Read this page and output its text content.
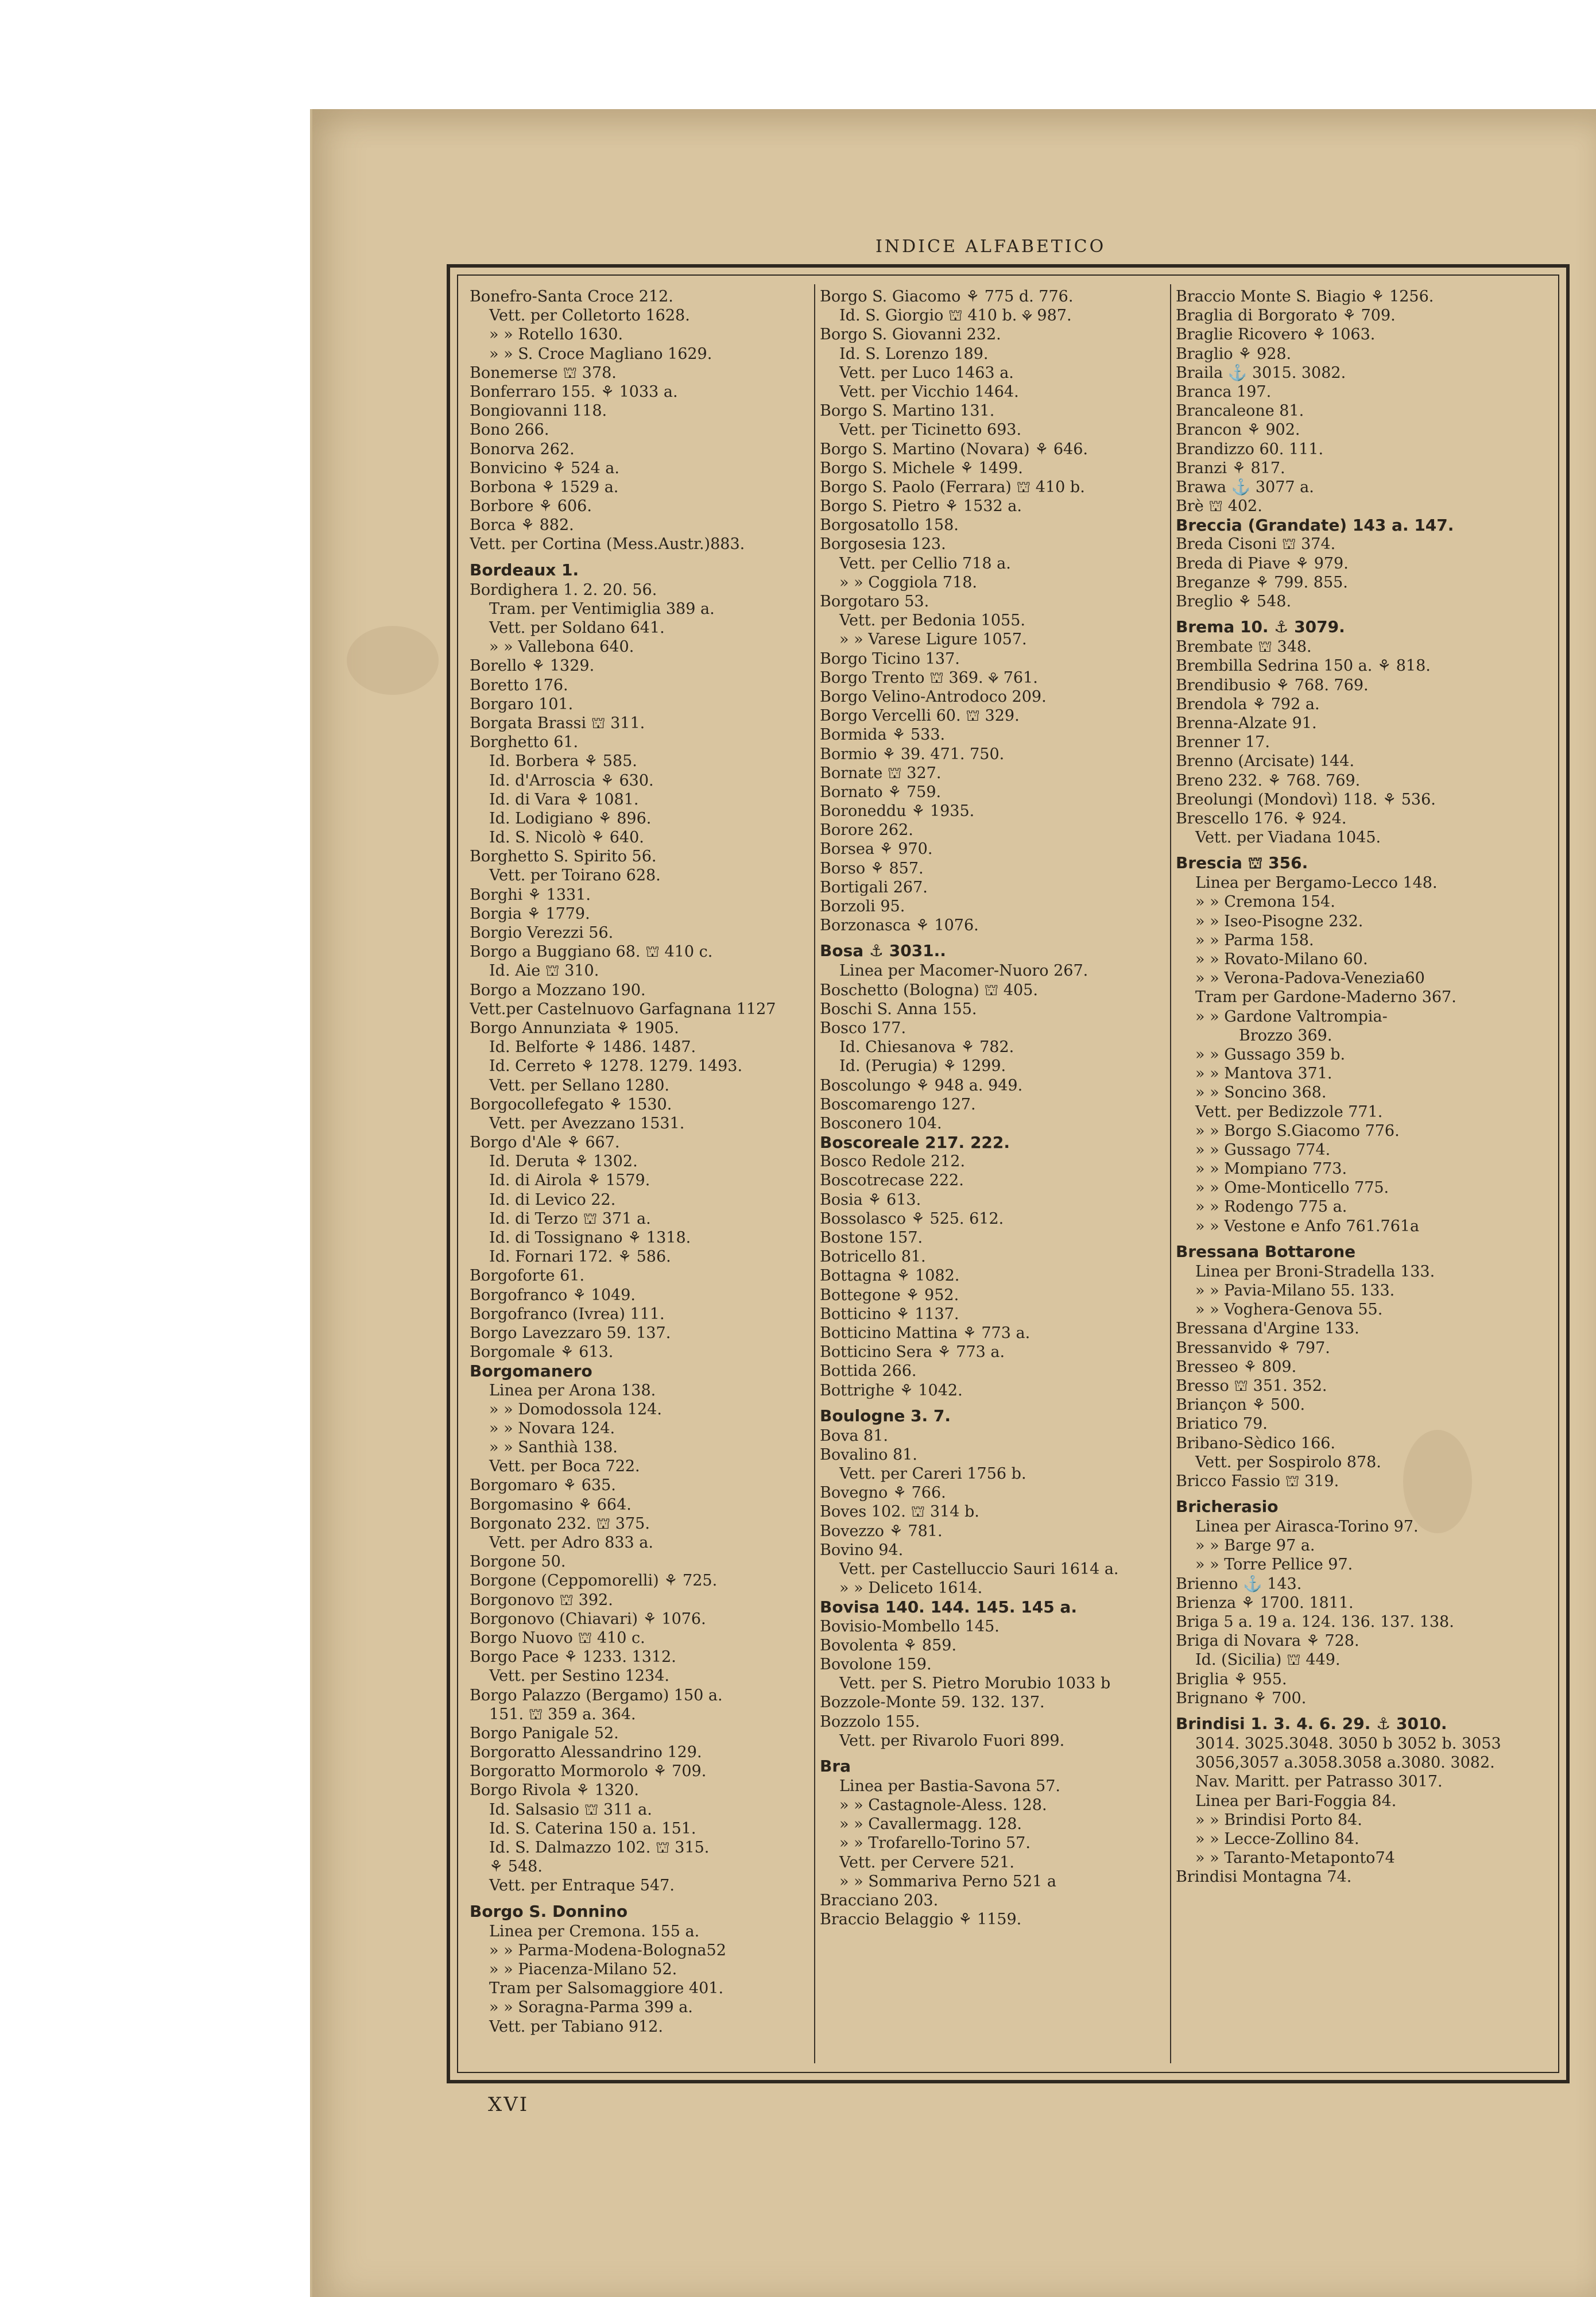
INDICE ALFABETICO
Bonefro-Santa Croce 212.
Vett. per Colletorto 1628.
» » Rotello 1630.
» » S. Croce Magliano 1629.
Bonemerse ⛫ 378.
Bonferraro 155. ⚘ 1033 a.
Bongiovanni 118.
Bono 266.
Bonorva 262.
Bonvicino ⚘ 524 a.
Borbona ⚘ 1529 a.
Borbore ⚘ 606.
Borca ⚘ 882.
Vett. per Cortina (Mess.Austr.)883.
Bordeaux 1.
Bordighera 1. 2. 20. 56.
Tram. per Ventimiglia 389 a.
Vett. per Soldano 641.
» » Vallebona 640.
Borello ⚘ 1329.
Boretto 176.
Borgaro 101.
Borgata Brassi ⛫ 311.
Borghetto 61.
Id. Borbera ⚘ 585.
Id. d'Arroscia ⚘ 630.
Id. di Vara ⚘ 1081.
Id. Lodigiano ⚘ 896.
Id. S. Nicolò ⚘ 640.
Borghetto S. Spirito 56.
Vett. per Toirano 628.
Borghi ⚘ 1331.
Borgia ⚘ 1779.
Borgio Verezzi 56.
Borgo a Buggiano 68. ⛫ 410 c.
Id. Aie ⛫ 310.
Borgo a Mozzano 190.
Vett.per Castelnuovo Garfagnana 1127
Borgo Annunziata ⚘ 1905.
Id. Belforte ⚘ 1486. 1487.
Id. Cerreto ⚘ 1278. 1279. 1493.
Vett. per Sellano 1280.
Borgocollefegato ⚘ 1530.
Vett. per Avezzano 1531.
Borgo d'Ale ⚘ 667.
Id. Deruta ⚘ 1302.
Id. di Airola ⚘ 1579.
Id. di Levico 22.
Id. di Terzo ⛫ 371 a.
Id. di Tossignano ⚘ 1318.
Id. Fornari 172. ⚘ 586.
Borgoforte 61.
Borgofranco ⚘ 1049.
Borgofranco (Ivrea) 111.
Borgo Lavezzaro 59. 137.
Borgomale ⚘ 613.
Borgomanero
Linea per Arona 138.
» » Domodossola 124.
» » Novara 124.
» » Santhià 138.
Vett. per Boca 722.
Borgomaro ⚘ 635.
Borgomasino ⚘ 664.
Borgonato 232. ⛫ 375.
Vett. per Adro 833 a.
Borgone 50.
Borgone (Ceppomorelli) ⚘ 725.
Borgonovo ⛫ 392.
Borgonovo (Chiavari) ⚘ 1076.
Borgo Nuovo ⛫ 410 c.
Borgo Pace ⚘ 1233. 1312.
Vett. per Sestino 1234.
Borgo Palazzo (Bergamo) 150 a.
151. ⛫ 359 a. 364.
Borgo Panigale 52.
Borgoratto Alessandrino 129.
Borgoratto Mormorolo ⚘ 709.
Borgo Rivola ⚘ 1320.
Id. Salsasio ⛫ 311 a.
Id. S. Caterina 150 a. 151.
Id. S. Dalmazzo 102. ⛫ 315.
⚘ 548.
Vett. per Entraque 547.
Borgo S. Donnino
Linea per Cremona. 155 a.
» » Parma-Modena-Bologna52
» » Piacenza-Milano 52.
Tram per Salsomaggiore 401.
» » Soragna-Parma 399 a.
Vett. per Tabiano 912.
Borgo S. Giacomo ⚘ 775 d. 776.
Id. S. Giorgio ⛫ 410 b. ⚘ 987.
Borgo S. Giovanni 232.
Id. S. Lorenzo 189.
Vett. per Luco 1463 a.
Vett. per Vicchio 1464.
Borgo S. Martino 131.
Vett. per Ticinetto 693.
Borgo S. Martino (Novara) ⚘ 646.
Borgo S. Michele ⚘ 1499.
Borgo S. Paolo (Ferrara) ⛫ 410 b.
Borgo S. Pietro ⚘ 1532 a.
Borgosatollo 158.
Borgosesia 123.
Vett. per Cellio 718 a.
» » Coggiola 718.
Borgotaro 53.
Vett. per Bedonia 1055.
» » Varese Ligure 1057.
Borgo Ticino 137.
Borgo Trento ⛫ 369. ⚘ 761.
Borgo Velino-Antrodoco 209.
Borgo Vercelli 60. ⛫ 329.
Bormida ⚘ 533.
Bormio ⚘ 39. 471. 750.
Bornate ⛫ 327.
Bornato ⚘ 759.
Boroneddu ⚘ 1935.
Borore 262.
Borsea ⚘ 970.
Borso ⚘ 857.
Bortigali 267.
Borzoli 95.
Borzonasca ⚘ 1076.
Bosa ⚓ 3031..
Linea per Macomer-Nuoro 267.
Boschetto (Bologna) ⛫ 405.
Boschi S. Anna 155.
Bosco 177.
Id. Chiesanova ⚘ 782.
Id. (Perugia) ⚘ 1299.
Boscolungo ⚘ 948 a. 949.
Boscomarengo 127.
Bosconero 104.
Boscoreale 217. 222.
Bosco Redole 212.
Boscotrecase 222.
Bosia ⚘ 613.
Bossolasco ⚘ 525. 612.
Bostone 157.
Botricello 81.
Bottagna ⚘ 1082.
Bottegone ⚘ 952.
Botticino ⚘ 1137.
Botticino Mattina ⚘ 773 a.
Botticino Sera ⚘ 773 a.
Bottida 266.
Bottrighe ⚘ 1042.
Boulogne 3. 7.
Bova 81.
Bovalino 81.
Vett. per Careri 1756 b.
Bovegno ⚘ 766.
Boves 102. ⛫ 314 b.
Bovezzo ⚘ 781.
Bovino 94.
Vett. per Castelluccio Sauri 1614 a.
» » Deliceto 1614.
Bovisa 140. 144. 145. 145 a.
Bovisio-Mombello 145.
Bovolenta ⚘ 859.
Bovolone 159.
Vett. per S. Pietro Morubio 1033 b
Bozzole-Monte 59. 132. 137.
Bozzolo 155.
Vett. per Rivarolo Fuori 899.
Bra
Linea per Bastia-Savona 57.
» » Castagnole-Aless. 128.
» » Cavallermagg. 128.
» » Trofarello-Torino 57.
Vett. per Cervere 521.
» » Sommariva Perno 521 a
Bracciano 203.
Braccio Belaggio ⚘ 1159.
Braccio Monte S. Biagio ⚘ 1256.
Braglia di Borgorato ⚘ 709.
Braglie Ricovero ⚘ 1063.
Braglio ⚘ 928.
Braila ⚓ 3015. 3082.
Branca 197.
Brancaleone 81.
Brancon ⚘ 902.
Brandizzo 60. 111.
Branzi ⚘ 817.
Brawa ⚓ 3077 a.
Brè ⛫ 402.
Breccia (Grandate) 143 a. 147.
Breda Cisoni ⛫ 374.
Breda di Piave ⚘ 979.
Breganze ⚘ 799. 855.
Breglio ⚘ 548.
Brema 10. ⚓ 3079.
Brembate ⛫ 348.
Brembilla Sedrina 150 a. ⚘ 818.
Brendibusio ⚘ 768. 769.
Brendola ⚘ 792 a.
Brenna-Alzate 91.
Brenner 17.
Brenno (Arcisate) 144.
Breno 232. ⚘ 768. 769.
Breolungi (Mondovì) 118. ⚘ 536.
Brescello 176. ⚘ 924.
Vett. per Viadana 1045.
Brescia ⛫ 356.
Linea per Bergamo-Lecco 148.
» » Cremona 154.
» » Iseo-Pisogne 232.
» » Parma 158.
» » Rovato-Milano 60.
» » Verona-Padova-Venezia60
Tram per Gardone-Maderno 367.
» » Gardone Valtrompia-
Brozzo 369.
» » Gussago 359 b.
» » Mantova 371.
» » Soncino 368.
Vett. per Bedizzole 771.
» » Borgo S.Giacomo 776.
» » Gussago 774.
» » Mompiano 773.
» » Ome-Monticello 775.
» » Rodengo 775 a.
» » Vestone e Anfo 761.761a
Bressana Bottarone
Linea per Broni-Stradella 133.
» » Pavia-Milano 55. 133.
» » Voghera-Genova 55.
Bressana d'Argine 133.
Bressanvido ⚘ 797.
Bresseo ⚘ 809.
Bresso ⛫ 351. 352.
Briançon ⚘ 500.
Briatico 79.
Bribano-Sèdico 166.
Vett. per Sospirolo 878.
Bricco Fassio ⛫ 319.
Bricherasio
Linea per Airasca-Torino 97.
» » Barge 97 a.
» » Torre Pellice 97.
Brienno ⚓ 143.
Brienza ⚘ 1700. 1811.
Briga 5 a. 19 a. 124. 136. 137. 138.
Briga di Novara ⚘ 728.
Id. (Sicilia) ⛫ 449.
Briglia ⚘ 955.
Brignano ⚘ 700.
Brindisi 1. 3. 4. 6. 29. ⚓ 3010.
3014. 3025.3048. 3050 b 3052 b. 3053
3056,3057 a.3058.3058 a.3080. 3082.
Nav. Maritt. per Patrasso 3017.
Linea per Bari-Foggia 84.
» » Brindisi Porto 84.
» » Lecce-Zollino 84.
» » Taranto-Metaponto74
Brindisi Montagna 74.
XVI
